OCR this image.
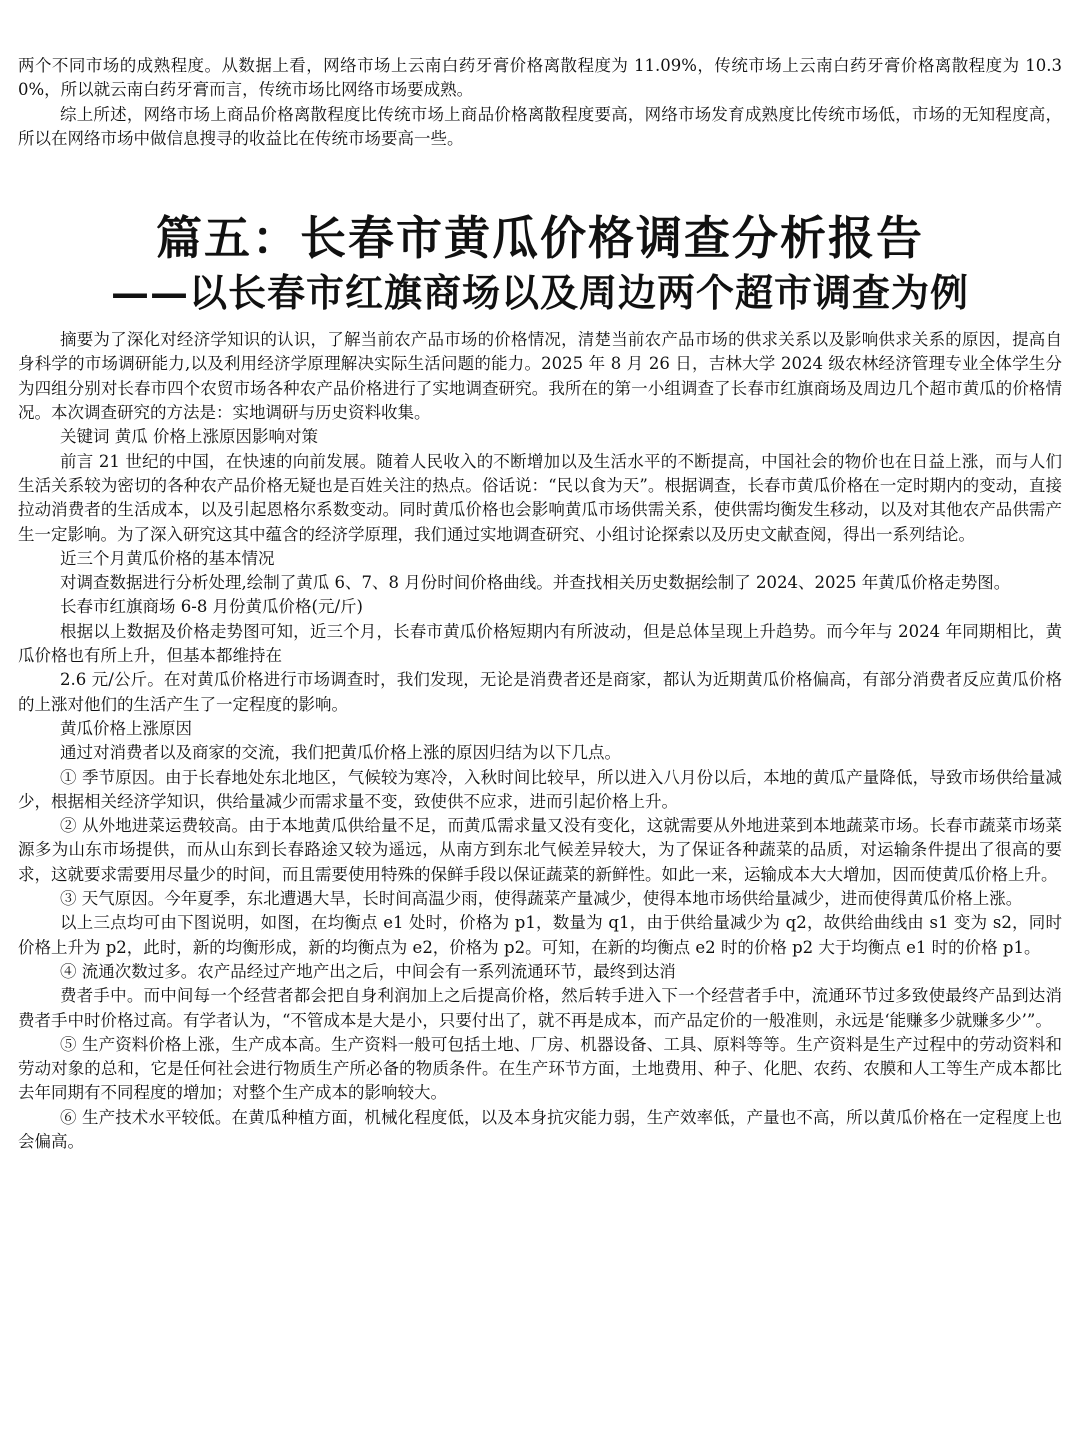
两个不同市场的成熟程度。从数据上看，网络市场上云南白药牙膏价格离散程度为 11.09%，传统市场上云南白药牙膏价格离散程度为 10.30%，所以就云南白药牙膏而言，传统市场比网络市场要成熟。

综上所述，网络市场上商品价格离散程度比传统市场上商品价格离散程度要高，网络市场发育成熟度比传统市场低，市场的无知程度高，所以在网络市场中做信息搜寻的收益比在传统市场要高一些。

篇五：长春市黄瓜价格调查分析报告
——以长春市红旗商场以及周边两个超市调查为例

摘要为了深化对经济学知识的认识，了解当前农产品市场的价格情况，清楚当前农产品市场的供求关系以及影响供求关系的原因，提高自身科学的市场调研能力,以及利用经济学原理解决实际生活问题的能力。2025 年 8 月 26 日，吉林大学 2024 级农林经济管理专业全体学生分为四组分别对长春市四个农贸市场各种农产品价格进行了实地调查研究。我所在的第一小组调查了长春市红旗商场及周边几个超市黄瓜的价格情况。本次调查研究的方法是：实地调研与历史资料收集。

关键词 黄瓜 价格上涨原因影响对策

前言 21 世纪的中国，在快速的向前发展。随着人民收入的不断增加以及生活水平的不断提高，中国社会的物价也在日益上涨，而与人们生活关系较为密切的各种农产品价格无疑也是百姓关注的热点。俗话说：“民以食为天”。根据调查，长春市黄瓜价格在一定时期内的变动，直接拉动消费者的生活成本，以及引起恩格尔系数变动。同时黄瓜价格也会影响黄瓜市场供需关系，使供需均衡发生移动，以及对其他农产品供需产生一定影响。为了深入研究这其中蕴含的经济学原理，我们通过实地调查研究、小组讨论探索以及历史文献查阅，得出一系列结论。

近三个月黄瓜价格的基本情况

对调查数据进行分析处理,绘制了黄瓜 6、7、8 月份时间价格曲线。并查找相关历史数据绘制了 2024、2025 年黄瓜价格走势图。

长春市红旗商场 6-8 月份黄瓜价格(元/斤)

根据以上数据及价格走势图可知，近三个月，长春市黄瓜价格短期内有所波动，但是总体呈现上升趋势。而今年与 2024 年同期相比，黄瓜价格也有所上升，但基本都维持在

2.6 元/公斤。在对黄瓜价格进行市场调查时，我们发现，无论是消费者还是商家，都认为近期黄瓜价格偏高，有部分消费者反应黄瓜价格的上涨对他们的生活产生了一定程度的影响。

黄瓜价格上涨原因

通过对消费者以及商家的交流，我们把黄瓜价格上涨的原因归结为以下几点。

① 季节原因。由于长春地处东北地区，气候较为寒冷，入秋时间比较早，所以进入八月份以后，本地的黄瓜产量降低，导致市场供给量减少，根据相关经济学知识，供给量减少而需求量不变，致使供不应求，进而引起价格上升。

② 从外地进菜运费较高。由于本地黄瓜供给量不足，而黄瓜需求量又没有变化，这就需要从外地进菜到本地蔬菜市场。长春市蔬菜市场菜源多为山东市场提供，而从山东到长春路途又较为遥远，从南方到东北气候差异较大，为了保证各种蔬菜的品质，对运输条件提出了很高的要求，这就要求需要用尽量少的时间，而且需要使用特殊的保鲜手段以保证蔬菜的新鲜性。如此一来，运输成本大大增加，因而使黄瓜价格上升。

③ 天气原因。今年夏季，东北遭遇大旱，长时间高温少雨，使得蔬菜产量减少，使得本地市场供给量减少，进而使得黄瓜价格上涨。

以上三点均可由下图说明，如图，在均衡点 e1 处时，价格为 p1，数量为 q1，由于供给量减少为 q2，故供给曲线由 s1 变为 s2，同时价格上升为 p2，此时，新的均衡形成，新的均衡点为 e2，价格为 p2。可知，在新的均衡点 e2 时的价格 p2 大于均衡点 e1 时的价格 p1。

④ 流通次数过多。农产品经过产地产出之后，中间会有一系列流通环节，最终到达消

费者手中。而中间每一个经营者都会把自身利润加上之后提高价格，然后转手进入下一个经营者手中，流通环节过多致使最终产品到达消费者手中时价格过高。有学者认为，“不管成本是大是小，只要付出了，就不再是成本，而产品定价的一般准则，永远是‘能赚多少就赚多少’”。

⑤ 生产资料价格上涨，生产成本高。生产资料一般可包括土地、厂房、机器设备、工具、原料等等。生产资料是生产过程中的劳动资料和劳动对象的总和，它是任何社会进行物质生产所必备的物质条件。在生产环节方面，土地费用、种子、化肥、农药、农膜和人工等生产成本都比去年同期有不同程度的增加；对整个生产成本的影响较大。

⑥ 生产技术水平较低。在黄瓜种植方面，机械化程度低，以及本身抗灾能力弱，生产效率低，产量也不高，所以黄瓜价格在一定程度上也会偏高。
